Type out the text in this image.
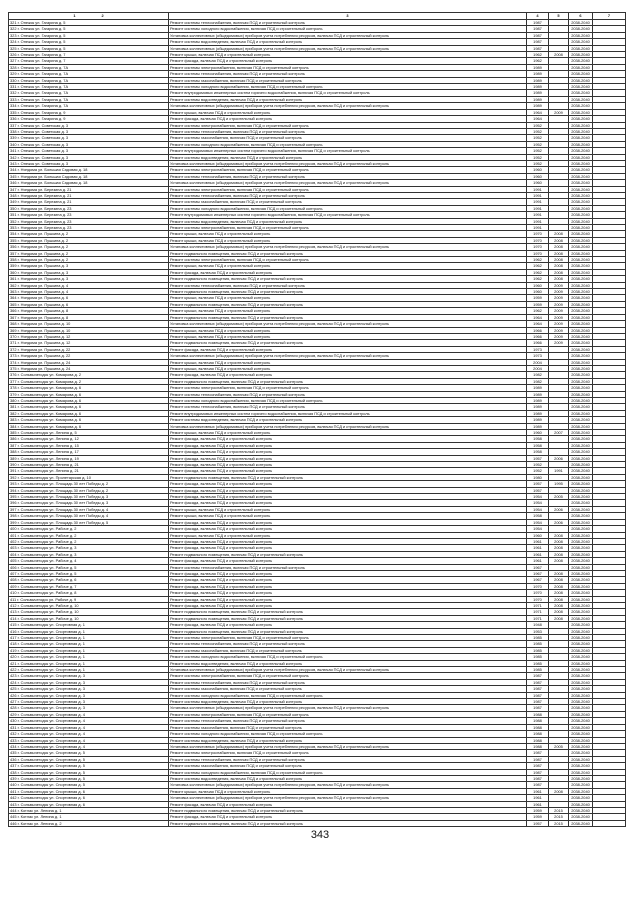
1 2	3	4	5	6	7
321 г. Онежск ул. Гагарина д. 5	Ремонт системы теплоснабжения, включая ПСД и строительный контроль	1987		2038-2040	
322 г. Онежск ул. Гагарина д. 5	Ремонт системы холодного водоснабжения, включая ПСД и строительный контроль	1987		2038-2040	
323 г. Онежск ул. Гагарина д. 5	Установка коллективных (общедомовых) приборов учета потребления ресурсов, включая ПСД и строительный контроль	1987		2038-2040	
324 г. Онежск ул. Гагарина д. 5	Ремонт системы водоотведения, включая ПСД и строительный контроль	1987		2038-2040	
325 г. Онежск ул. Гагарина д. 5	Установка коллективных (общедомовых) приборов учета потребления ресурсов, включая ПСД и строительный контроль	1987		2038-2040	
326 г. Онежск ул. Гагарина д. 7	Ремонт крыши, включая ПСД и строительный контроль	1962	2008	2038-2040	
327 г. Онежск ул. Гагарина д. 7	Ремонт фасада, включая ПСД и строительный контроль	1962		2038-2040	
328 г. Онежск ул. Гагарина д. 7А	Ремонт системы электроснабжения, включая ПСД и строительный контроль	1989		2038-2040	
329 г. Онежск ул. Гагарина д. 7А	Ремонт системы теплоснабжения, включая ПСД и строительный контроль	1989		2038-2040	
330 г. Онежск ул. Гагарина д. 7А	Ремонт системы газоснабжения, включая ПСД и строительный контроль	1989		2038-2040	
331 г. Онежск ул. Гагарина д. 7А	Ремонт системы холодного водоснабжения, включая ПСД и строительный контроль	1989		2038-2040	
332 г. Онежск ул. Гагарина д. 7А	Ремонт внутридомовых инженерных систем горячего водоснабжения, включая ПСД и строительный контроль	1989		2038-2040	
333 г. Онежск ул. Гагарина д. 7А	Ремонт системы водоотведения, включая ПСД и строительный контроль	1989		2038-2040	
334 г. Онежск ул. Гагарина д. 7А	Установка коллективных (общедомовых) приборов учета потребления ресурсов, включая ПСД и строительный контроль	1989		2038-2040	
335 г. Онежск ул. Гагарина д. 9	Ремонт крыши, включая ПСД и строительный контроль	1964	2009	2038-2040	
336 г. Онежск ул. Гагарина д. 9	Ремонт фасада, включая ПСД и строительный контроль	1964		2038-2040	
337 г. Онежск ул. Советская д. 3	Ремонт системы электроснабжения, включая ПСД и строительный контроль	1952		2038-2040	
338 г. Онежск ул. Советская д. 3	Ремонт системы теплоснабжения, включая ПСД и строительный контроль	1952		2038-2040	
339 г. Онежск ул. Советская д. 3	Ремонт системы газоснабжения, включая ПСД и строительный контроль	1952		2038-2040	
340 г. Онежск ул. Советская д. 3	Ремонт системы холодного водоснабжения, включая ПСД и строительный контроль	1952		2038-2040	
341 г. Онежск ул. Советская д. 3	Ремонт внутридомовых инженерных систем горячего водоснабжения, включая ПСД и строительный контроль	1952		2038-2040	
342 г. Онежск ул. Советская д. 3	Ремонт системы водоотведения, включая ПСД и строительный контроль	1952		2038-2040	
343 г. Онежск ул. Советская д. 3	Установка коллективных (общедомовых) приборов учета потребления ресурсов, включая ПСД и строительный контроль	1952		2038-2040	
344 г. Няндома ул. Большая Садовая д. 18	Ремонт системы электроснабжения, включая ПСД и строительный контроль	1960		2038-2040	
345 г. Няндома ул. Большая Садовая д. 18	Ремонт системы теплоснабжения, включая ПСД и строительный контроль	1960		2038-2040	
346 г. Няндома ул. Большая Садовая д. 18	Установка коллективных (общедомовых) приборов учета потребления ресурсов, включая ПСД и строительный контроль	1960		2038-2040	
347 г. Няндома ул. Березина д. 21	Ремонт системы электроснабжения, включая ПСД и строительный контроль	1991		2038-2040	
348 г. Няндома ул. Березина д. 21	Ремонт системы теплоснабжения, включая ПСД и строительный контроль	1991		2038-2040	
349 г. Няндома ул. Березина д. 21	Ремонт системы газоснабжения, включая ПСД и строительный контроль	1991		2038-2040	
350 г. Няндома ул. Березина д. 23	Ремонт системы холодного водоснабжения, включая ПСД и строительный контроль	1991		2038-2040	
351 г. Няндома ул. Березина д. 23	Ремонт внутридомовых инженерных систем горячего водоснабжения, включая ПСД и строительный контроль	1991		2038-2040	
352 г. Няндома ул. Березина д. 23	Ремонт системы водоотведения, включая ПСД и строительный контроль	1991		2038-2040	
353 г. Няндома ул. Березина д. 23	Ремонт системы электроснабжения, включая ПСД и строительный контроль	1991		2038-2040	
354 г. Няндома ул. Пушкина д. 2	Ремонт крыши, включая ПСД и строительный контроль	1970	2008	2038-2040	
355 г. Няндома ул. Пушкина д. 2	Ремонт крыши, включая ПСД и строительный контроль	1970	2008	2038-2040	
356 г. Няндома ул. Пушкина д. 2	Установка коллективных (общедомовых) приборов учета потребления ресурсов, включая ПСД и строительный контроль	1970	2008	2038-2040	
357 г. Няндома ул. Пушкина д. 2	Ремонт подвального помещения, включая ПСД и строительный контроль	1970	2008	2038-2040	
358 г. Няндома ул. Пушкина д. 2	Ремонт системы электроснабжения, включая ПСД и строительный контроль	1962	2008	2038-2040	
359 г. Няндома ул. Пушкина д. 3	Ремонт крыши, включая ПСД и строительный контроль	1962	2008	2038-2040	
360 г. Няндома ул. Пушкина д. 3	Ремонт фасада, включая ПСД и строительный контроль	1962	2008	2038-2040	
361 г. Няндома ул. Пушкина д. 3	Ремонт подвального помещения, включая ПСД и строительный контроль	1962	2008	2038-2040	
362 г. Няндома ул. Пушкина д. 4	Ремонт системы теплоснабжения, включая ПСД и строительный контроль	1960	2009	2038-2040	
363 г. Няндома ул. Пушкина д. 4	Ремонт подвального помещения, включая ПСД и строительный контроль	1960	2009	2038-2040	
364 г. Няндома ул. Пушкина д. 6	Ремонт крыши, включая ПСД и строительный контроль	1959	2009	2038-2040	
365 г. Няндома ул. Пушкина д. 6	Ремонт подвального помещения, включая ПСД и строительный контроль	1959	2009	2038-2040	
366 г. Няндома ул. Пушкина д. 8	Ремонт крыши, включая ПСД и строительный контроль	1962	2009	2038-2040	
367 г. Няндома ул. Пушкина д. 8	Ремонт подвального помещения, включая ПСД и строительный контроль	1964	2009	2038-2040	
368 г. Няндома ул. Пушкина д. 10	Установка коллективных (общедомовых) приборов учета потребления ресурсов, включая ПСД и строительный контроль	1964	2009	2038-2040	
369 г. Няндома ул. Пушкина д. 10	Ремонт крыши, включая ПСД и строительный контроль	1966	2009	2038-2040	
370 г. Няндома ул. Пушкина д. 12	Ремонт крыши, включая ПСД и строительный контроль	1966	2009	2038-2040	
371 г. Няндома ул. Пушкина д. 12	Ремонт подвального помещения, включая ПСД и строительный контроль	1966	2009	2038-2040	
372 г. Няндома ул. Пушкина д. 22	Ремонт фасада, включая ПСД и строительный контроль	1973		2038-2040	
373 г. Няндома ул. Пушкина д. 22	Установка коллективных (общедомовых) приборов учета потребления ресурсов, включая ПСД и строительный контроль	1973		2038-2040	
374 г. Няндома ул. Пушкина д. 24	Ремонт крыши, включая ПСД и строительный контроль	2004		2038-2040	
375 г. Няндома ул. Пушкина д. 24	Ремонт крыши, включая ПСД и строительный контроль	2004		2038-2040	
376 г. Сольвычегодск ул. Комарова д. 2	Ремонт фасада, включая ПСД и строительный контроль	1982		2038-2040	
377 г. Сольвычегодск ул. Комарова д. 2	Ремонт подвального помещения, включая ПСД и строительный контроль	1982		2038-2040	
378 г. Сольвычегодск ул. Комарова д. 6	Ремонт системы электроснабжения, включая ПСД и строительный контроль	1989		2038-2040	
379 г. Сольвычегодск ул. Комарова д. 6	Ремонт системы теплоснабжения, включая ПСД и строительный контроль	1989		2038-2040	
380 г. Сольвычегодск ул. Комарова д. 6	Ремонт системы холодного водоснабжения, включая ПСД и строительный контроль	1989		2038-2040	
381 г. Сольвычегодск ул. Комарова д. 6	Ремонт системы теплоснабжения, включая ПСД и строительный контроль	1989		2038-2040	
382 г. Сольвычегодск ул. Комарова д. 6	Ремонт внутридомовых инженерных систем горячего водоснабжения, включая ПСД и строительный контроль	1989		2038-2040	
383 г. Сольвычегодск ул. Комарова д. 6	Ремонт системы водоотведения, включая ПСД и строительный контроль	1989		2038-2040	
384 г. Сольвычегодск ул. Комарова д. 6	Установка коллективных (общедомовых) приборов учета потребления ресурсов, включая ПСД и строительный контроль	1989		2038-2040	
385 г. Сольвычегодск ул. Ленина д. 5	Ремонт крыши, включая ПСД и строительный контроль	1960	2007	2038-2040	
386 г. Сольвычегодск ул. Ленина д. 12	Ремонт фасада, включая ПСД и строительный контроль	1958		2038-2040	
387 г. Сольвычегодск ул. Ленина д. 15	Ремонт фасада, включая ПСД и строительный контроль	1958		2038-2040	
388 г. Сольвычегодск ул. Ленина д. 17	Ремонт фасада, включая ПСД и строительный контроль	1958		2038-2040	
389 г. Сольвычегодск ул. Ленина д. 19	Ремонт фасада, включая ПСД и строительный контроль	1957	2006	2038-2040	
390 г. Сольвычегодск ул. Ленина д. 21	Ремонт фасада, включая ПСД и строительный контроль	1952		2038-2040	
391 г. Сольвычегодск ул. Ленина д. 21	Ремонт фасада, включая ПСД и строительный контроль	1952	1991	2038-2040	
392 г. Сольвычегодск ул. Пролетарская д. 10	Ремонт подвального помещения, включая ПСД и строительный контроль	1980		2038-2040	
393 г. Сольвычегодск ул. Площадь 30 лет Победы д. 2	Ремонт фасада, включая ПСД и строительный контроль	1957	1995	2038-2040	
394 г. Сольвычегодск ул. Площадь 30 лет Победы д. 2	Ремонт фасада, включая ПСД и строительный контроль	1957		2038-2040	
395 г. Сольвычегодск ул. Площадь 30 лет Победы д. 3	Ремонт фасада, включая ПСД и строительный контроль	1954	2005	2038-2040	
396 г. Сольвычегодск ул. Площадь 30 лет Победы д. 3	Ремонт фасада, включая ПСД и строительный контроль	1954		2038-2040	
397 г. Сольвычегодск ул. Площадь 30 лет Победы д. 4	Ремонт крыши, включая ПСД и строительный контроль	1954	2006	2038-2040	
398 г. Сольвычегодск ул. Площадь 30 лет Победы д. 4	Ремонт крыши, включая ПСД и строительный контроль	1958		2038-2040	
399 г. Сольвычегодск ул. Площадь 30 лет Победы д. 5	Ремонт фасада, включая ПСД и строительный контроль	1954	2006	2038-2040	
400 г. Сольвычегодск ул. Рабоче д. 2	Ремонт фасада, включая ПСД и строительный контроль	1954		2038-2040	
401 г. Сольвычегодск ул. Рабоче д. 2	Ремонт крыши, включая ПСД и строительный контроль	1960	2008	2038-2040	
402 г. Сольвычегодск ул. Рабоче д. 2	Ремонт фасада, включая ПСД и строительный контроль	1961	2008	2038-2040	
403 г. Сольвычегодск ул. Рабоче д. 3	Ремонт фасада, включая ПСД и строительный контроль	1961	2008	2038-2040	
404 г. Сольвычегодск ул. Рабоче д. 3	Ремонт подвального помещения, включая ПСД и строительный контроль	1961	2008	2038-2040	
405 г. Сольвычегодск ул. Рабоче д. 4	Ремонт фасада, включая ПСД и строительный контроль	1961	2008	2038-2040	
406 г. Сольвычегодск ул. Рабоче д. 5	Ремонт системы теплоснабжения, включая ПСД и строительный контроль	1967		2038-2040	
407 г. Сольвычегодск ул. Рабоче д. 5	Ремонт фасада, включая ПСД и строительный контроль	1967	2008	2038-2040	
408 г. Сольвычегодск ул. Рабоче д. 6	Ремонт фасада, включая ПСД и строительный контроль	1967	2008	2038-2040	
409 г. Сольвычегодск ул. Рабоче д. 7	Ремонт фасада, включая ПСД и строительный контроль	1970	2008	2038-2040	
410 г. Сольвычегодск ул. Рабоче д. 8	Ремонт фасада, включая ПСД и строительный контроль	1970	2008	2038-2040	
411 г. Сольвычегодск ул. Рабоче д. 9	Ремонт фасада, включая ПСД и строительный контроль	1970	2008	2038-2040	
412 г. Сольвычегодск ул. Рабоче д. 10	Ремонт фасада, включая ПСД и строительный контроль	1971	2008	2038-2040	
413 г. Сольвычегодск ул. Рабоче д. 10	Ремонт подвального помещения, включая ПСД и строительный контроль	1971	2008	2038-2040	
414 г. Сольвычегодск ул. Рабоче д. 10	Ремонт подвального помещения, включая ПСД и строительный контроль	1971	2008	2038-2040	
415 г. Сольвычегодск ул. Спортивная д. 1	Ремонт фасада, включая ПСД и строительный контроль	1948		2038-2040	
416 г. Сольвычегодск ул. Спортивная д. 1	Ремонт подвального помещения, включая ПСД и строительный контроль	1953		2038-2040	
417 г. Сольвычегодск ул. Спортивная д. 1	Ремонт системы электроснабжения, включая ПСД и строительный контроль	1985		2038-2040	
418 г. Сольвычегодск ул. Спортивная д. 1	Ремонт системы теплоснабжения, включая ПСД и строительный контроль	1985		2038-2040	
419 г. Сольвычегодск ул. Спортивная д. 1	Ремонт системы газоснабжения, включая ПСД и строительный контроль	1985		2038-2040	
420 г. Сольвычегодск ул. Спортивная д. 1	Ремонт системы холодного водоснабжения, включая ПСД и строительный контроль	1985		2038-2040	
421 г. Сольвычегодск ул. Спортивная д. 1	Ремонт системы водоотведения, включая ПСД и строительный контроль	1985		2038-2040	
422 г. Сольвычегодск ул. Спортивная д. 1	Установка коллективных (общедомовых) приборов учета потребления ресурсов, включая ПСД и строительный контроль	1985		2038-2040	
423 г. Сольвычегодск ул. Спортивная д. 3	Ремонт системы электроснабжения, включая ПСД и строительный контроль	1987		2038-2040	
424 г. Сольвычегодск ул. Спортивная д. 3	Ремонт системы теплоснабжения, включая ПСД и строительный контроль	1987		2038-2040	
425 г. Сольвычегодск ул. Спортивная д. 3	Ремонт системы газоснабжения, включая ПСД и строительный контроль	1987		2038-2040	
426 г. Сольвычегодск ул. Спортивная д. 3	Ремонт системы холодного водоснабжения, включая ПСД и строительный контроль	1987		2038-2040	
427 г. Сольвычегодск ул. Спортивная д. 3	Ремонт системы водоотведения, включая ПСД и строительный контроль	1987		2038-2040	
428 г. Сольвычегодск ул. Спортивная д. 3	Установка коллективных (общедомовых) приборов учета потребления ресурсов, включая ПСД и строительный контроль	1987		2038-2040	
429 г. Сольвычегодск ул. Спортивная д. 4	Ремонт системы электроснабжения, включая ПСД и строительный контроль	1988		2038-2040	
430 г. Сольвычегодск ул. Спортивная д. 4	Ремонт системы теплоснабжения, включая ПСД и строительный контроль	1988		2038-2040	
431 г. Сольвычегодск ул. Спортивная д. 4	Ремонт системы газоснабжения, включая ПСД и строительный контроль	1988		2038-2040	
432 г. Сольвычегодск ул. Спортивная д. 4	Ремонт системы холодного водоснабжения, включая ПСД и строительный контроль	1988		2038-2040	
433 г. Сольвычегодск ул. Спортивная д. 4	Ремонт системы водоотведения, включая ПСД и строительный контроль	1988		2038-2040	
434 г. Сольвычегодск ул. Спортивная д. 4	Установка коллективных (общедомовых) приборов учета потребления ресурсов, включая ПСД и строительный контроль	1988	2005	2038-2040	
435 г. Сольвычегодск ул. Спортивная д. 5	Ремонт системы электроснабжения, включая ПСД и строительный контроль	1987		2038-2040	
436 г. Сольвычегодск ул. Спортивная д. 5	Ремонт системы теплоснабжения, включая ПСД и строительный контроль	1987		2038-2040	
437 г. Сольвычегодск ул. Спортивная д. 5	Ремонт системы газоснабжения, включая ПСД и строительный контроль	1987		2038-2040	
438 г. Сольвычегодск ул. Спортивная д. 5	Ремонт системы холодного водоснабжения, включая ПСД и строительный контроль	1987		2038-2040	
439 г. Сольвычегодск ул. Спортивная д. 5	Ремонт системы водоотведения, включая ПСД и строительный контроль	1987		2038-2040	
440 г. Сольвычегодск ул. Спортивная д. 5	Установка коллективных (общедомовых) приборов учета потребления ресурсов, включая ПСД и строительный контроль	1987		2038-2040	
441 г. Сольвычегодск ул. Спортивная д. 6	Ремонт крыши, включая ПСД и строительный контроль	1961	2008	2038-2040	
442 г. Сольвычегодск ул. Спортивная д. 6	Установка коллективных (общедомовых) приборов учета потребления ресурсов, включая ПСД и строительный контроль	1961		2038-2040	
443 г. Сольвычегодск ул. Спортивная д. 6	Ремонт фасада, включая ПСД и строительный контроль	1961		2038-2040	
444 г. Котлас ул. Ленина д. 1	Ремонт подвального помещения, включая ПСД и строительный контроль	1959	2015	2038-2040	
445 г. Котлас ул. Ленина д. 1	Ремонт фасада, включая ПСД и строительный контроль	1959	2015	2038-2040	
446 г. Котлас ул. Ленина д. 2	Ремонт подвального помещения, включая ПСД и строительный контроль	1957	2015	2038-2040	
343
